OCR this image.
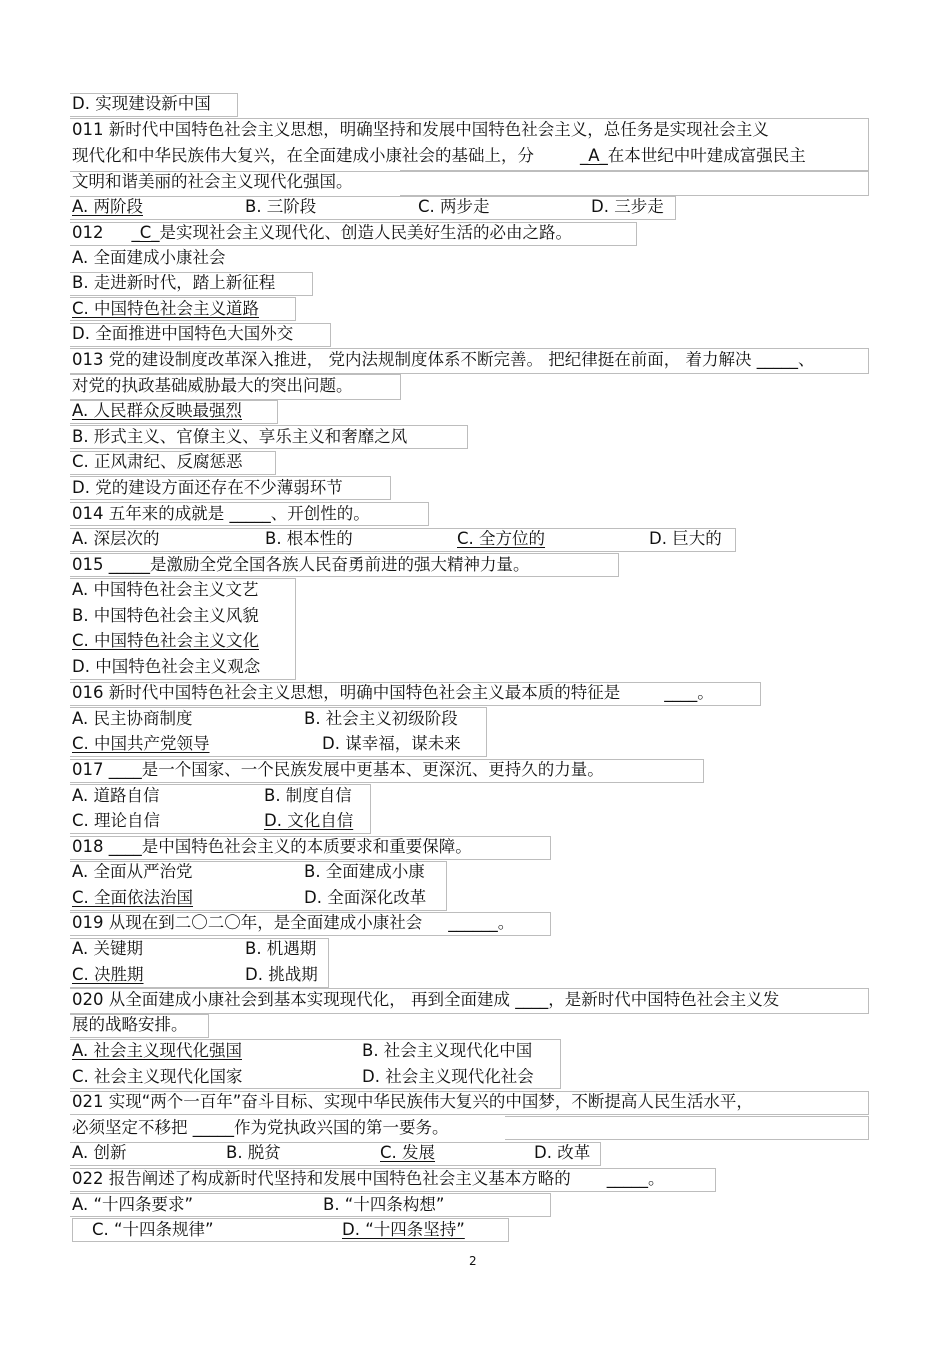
D. 实现建设新中国
011 新时代中国特色社会主义思想，明确坚持和发展中国特色社会主义，总任务是实现社会主义
现代化和中华民族伟大复兴，在全面建成小康社会的基础上，分	_A_在本世纪中叶建成富强民主
文明和谐美丽的社会主义现代化强国。
A. 两阶段	B. 三阶段	C. 两步走	D. 三步走
012 _C_是实现社会主义现代化、创造人民美好生活的必由之路。
A. 全面建成小康社会
B. 走进新时代，踏上新征程
C. 中国特色社会主义道路
D. 全面推进中国特色大国外交
013 党的建设制度改革深入推进， 党内法规制度体系不断完善。 把纪律挺在前面， 着力解决 _____、
对党的执政基础威胁最大的突出问题。
A. 人民群众反映最强烈
B. 形式主义、官僚主义、享乐主义和奢靡之风
C. 正风肃纪、反腐惩恶
D. 党的建设方面还存在不少薄弱环节
014 五年来的成就是 _____、开创性的。
A. 深层次的	B. 根本性的	C. 全方位的	D. 巨大的
015 _____是激励全党全国各族人民奋勇前进的强大精神力量。
A. 中国特色社会主义文艺
B. 中国特色社会主义风貌
C. 中国特色社会主义文化
D. 中国特色社会主义观念
016 新时代中国特色社会主义思想，明确中国特色社会主义最本质的特征是	____。
A. 民主协商制度	B. 社会主义初级阶段
C. 中国共产党领导	D. 谋幸福，谋未来
017 ____是一个国家、一个民族发展中更基本、更深沉、更持久的力量。
A. 道路自信	B. 制度自信
C. 理论自信	D. 文化自信
018 ____是中国特色社会主义的本质要求和重要保障。
A. 全面从严治党	B. 全面建成小康
C. 全面依法治国	D. 全面深化改革
019 从现在到二〇二〇年，是全面建成小康社会 ______。
A. 关键期	B. 机遇期
C. 决胜期	D. 挑战期
020 从全面建成小康社会到基本实现现代化， 再到全面建成 ____，是新时代中国特色社会主义发
展的战略安排。
A. 社会主义现代化强国	B. 社会主义现代化中国
C. 社会主义现代化国家	D. 社会主义现代化社会
021 实现“两个一百年”奋斗目标、实现中华民族伟大复兴的中国梦，不断提高人民生活水平，
必须坚定不移把 _____作为党执政兴国的第一要务。
A. 创新	B. 脱贫	C. 发展	D. 改革
022 报告阐述了构成新时代坚持和发展中国特色社会主义基本方略的 _____。
A. “十四条要求”	B. “十四条构想”
C. “十四条规律”	D. “十四条坚持”
2
